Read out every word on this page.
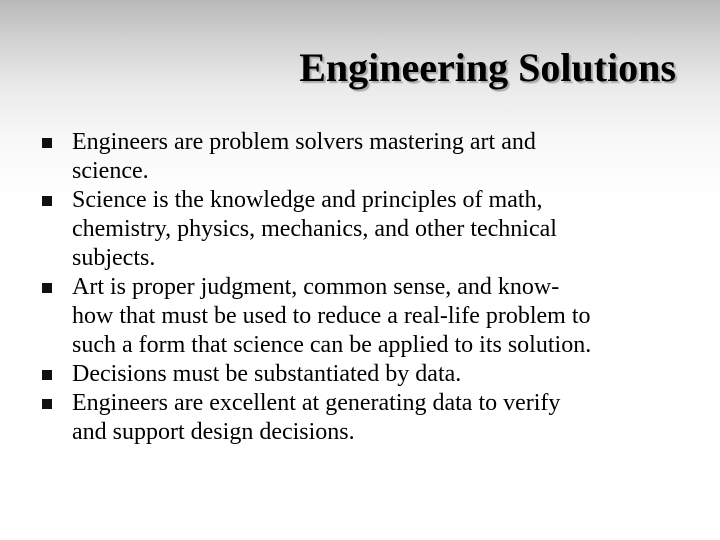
Engineering Solutions
Engineers are problem solvers mastering art and
science.
Science is the knowledge and principles of math,
chemistry, physics, mechanics, and other technical
subjects.
Art is proper judgment, common sense, and know-
how that must be used to reduce a real-life problem to
such a form that science can be applied to its solution.
Decisions must be substantiated by data.
Engineers are excellent at generating data to verify
and support design decisions.
